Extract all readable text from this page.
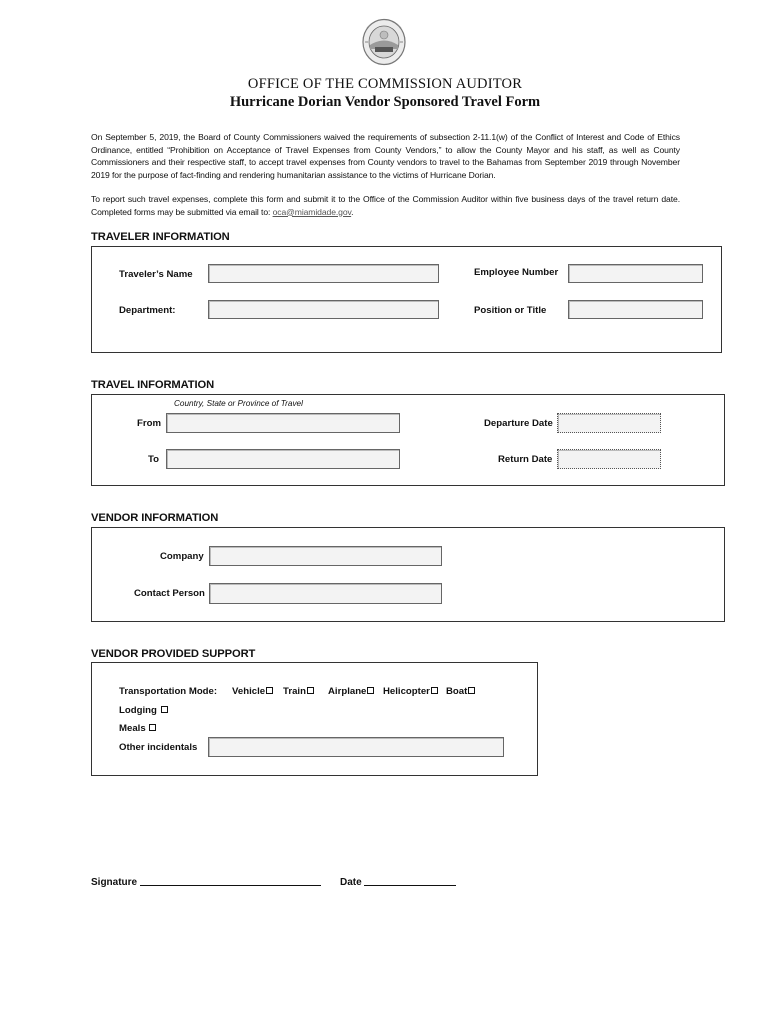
OFFICE OF THE COMMISSION AUDITOR
Hurricane Dorian Vendor Sponsored Travel Form
On September 5, 2019, the Board of County Commissioners waived the requirements of subsection 2-11.1(w) of the Conflict of Interest and Code of Ethics Ordinance, entitled “Prohibition on Acceptance of Travel Expenses from County Vendors,” to allow the County Mayor and his staff, as well as County Commissioners and their respective staff, to accept travel expenses from County vendors to travel to the Bahamas from September 2019 through November 2019 for the purpose of fact-finding and rendering humanitarian assistance to the victims of Hurricane Dorian.
To report such travel expenses, complete this form and submit it to the Office of the Commission Auditor within five business days of the travel return date. Completed forms may be submitted via email to: oca@miamidade.gov.
TRAVELER INFORMATION
Traveler’s Name	Employee Number
Department:	Position or Title
TRAVEL INFORMATION
Country, State or Province of Travel
From	Departure Date
To	Return Date
VENDOR INFORMATION
Company
Contact Person
VENDOR PROVIDED SUPPORT
Transportation Mode: Vehicle	Train	Airplane	Helicopter	Boat
Lodging
Meals
Other incidentals
Signature	Date
